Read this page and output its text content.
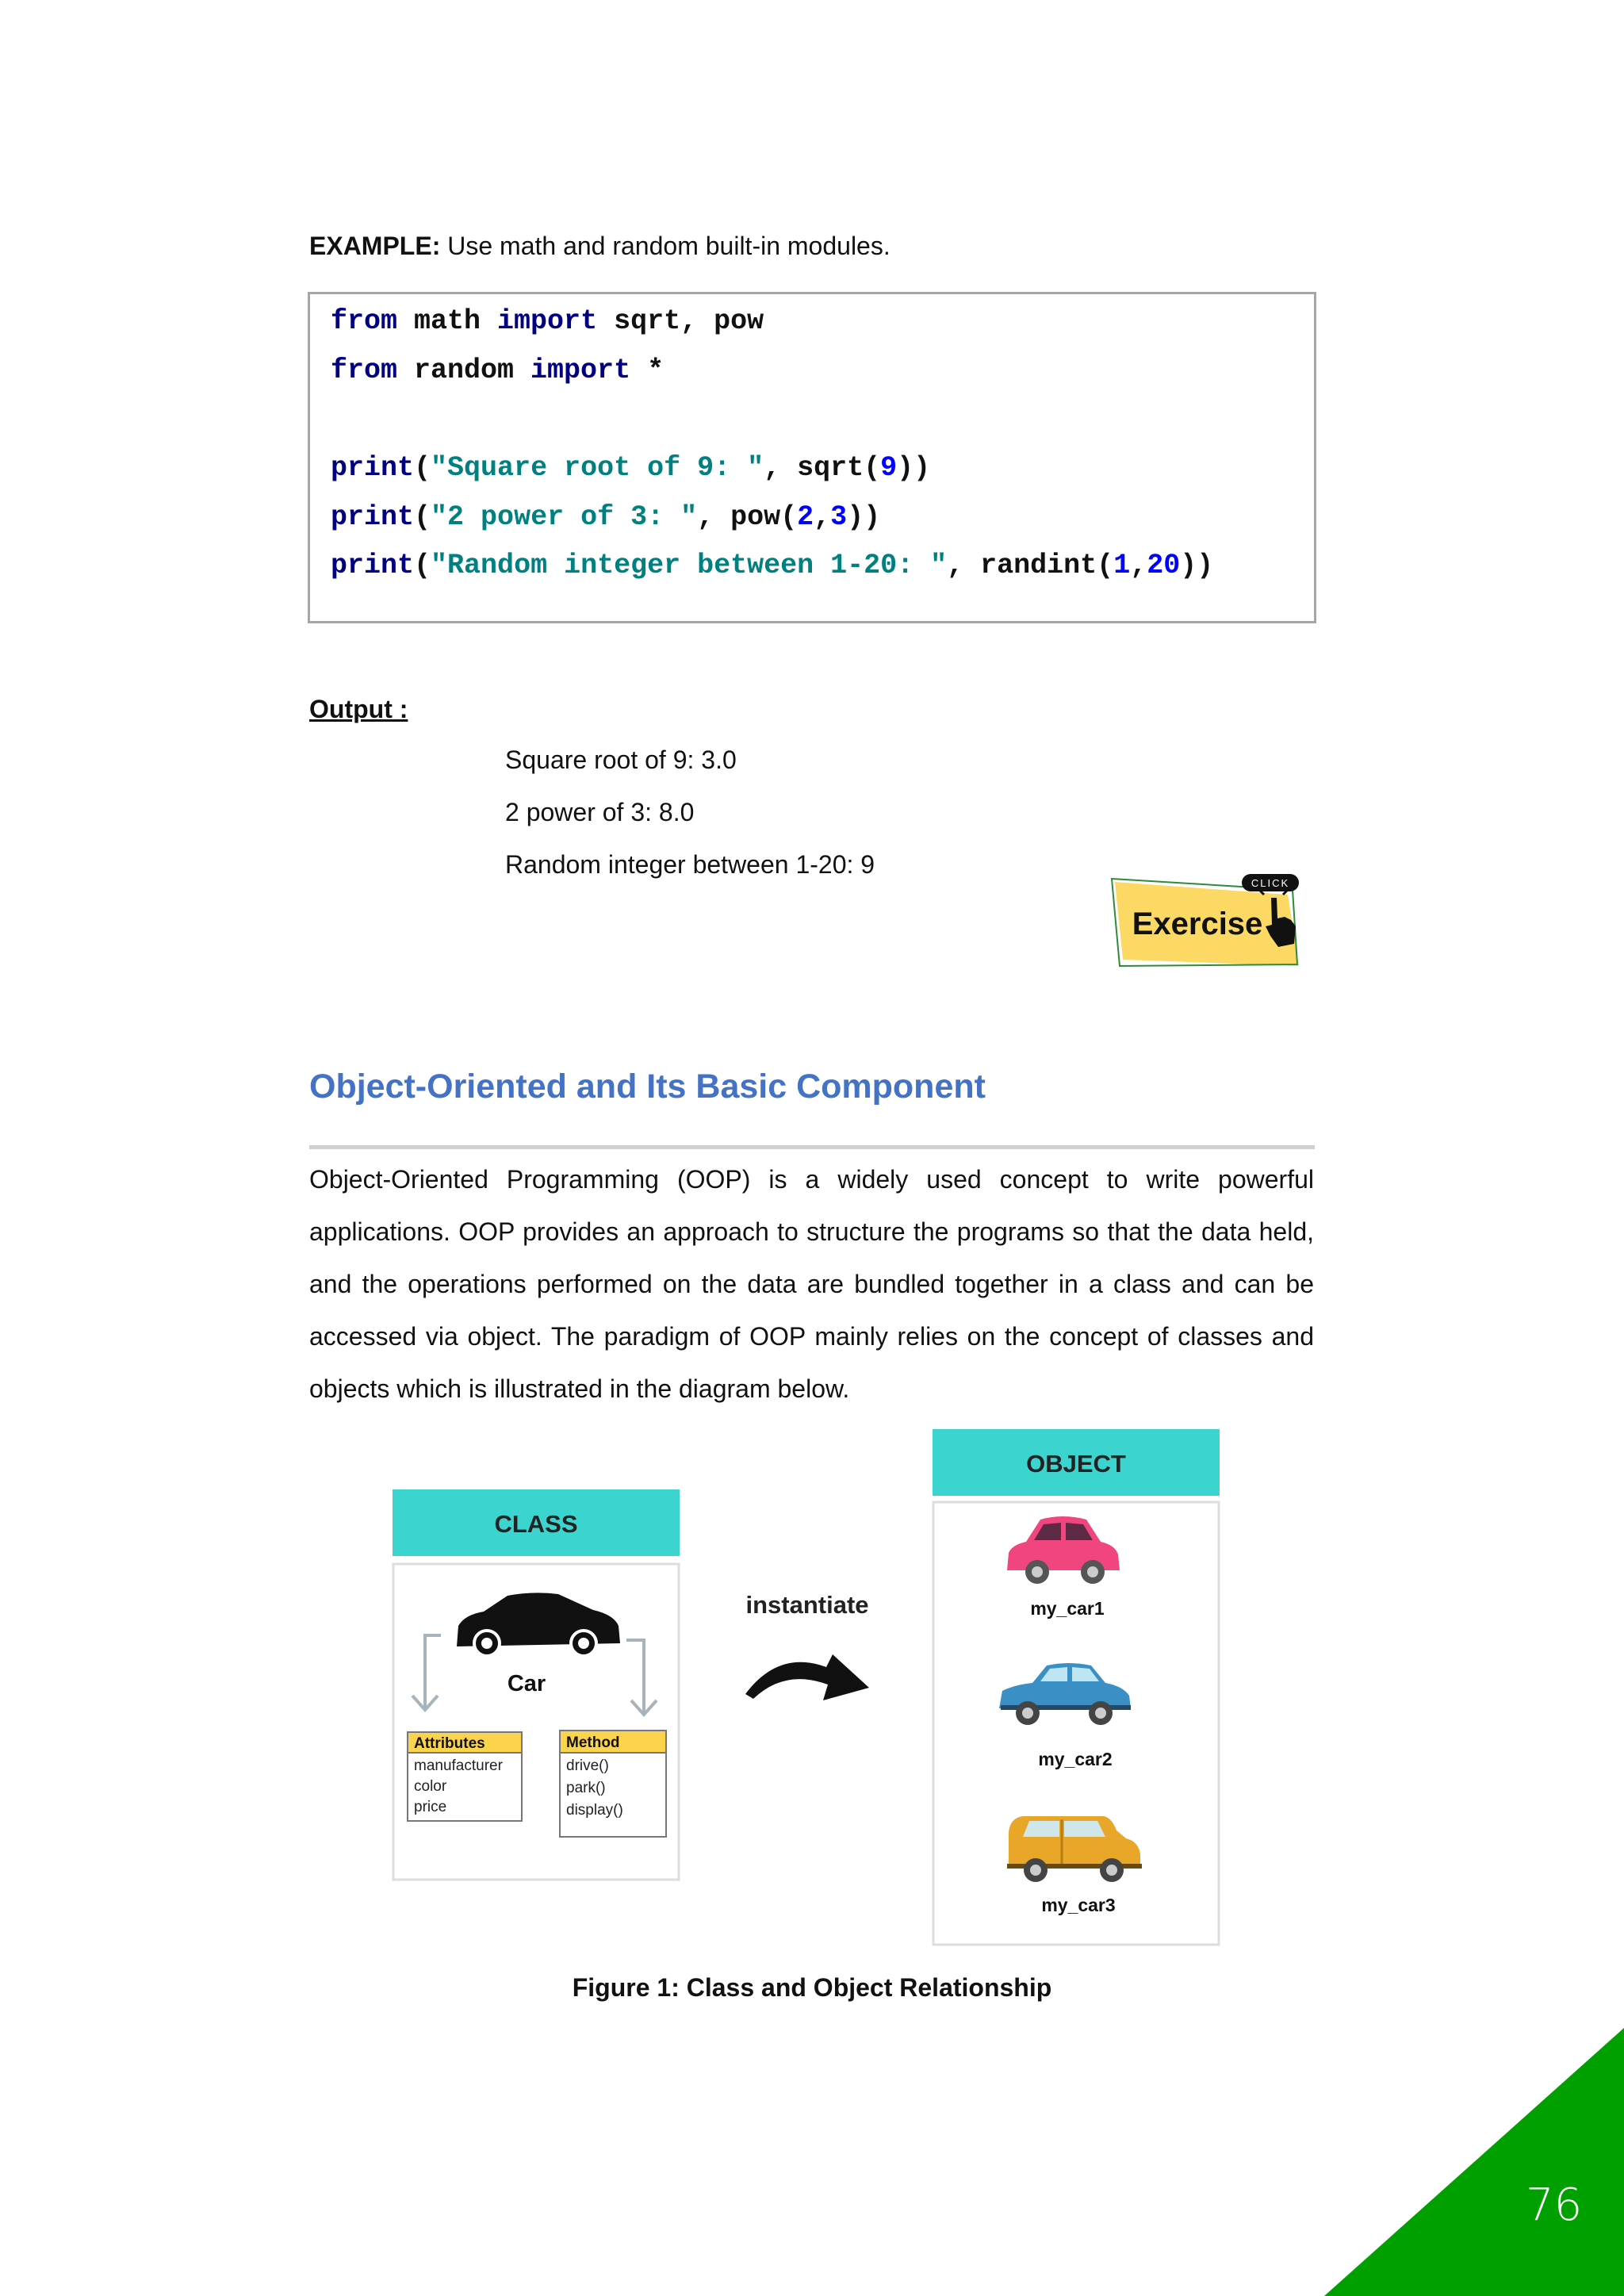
EXAMPLE: Use math and random built-in modules.
from math import sqrt, pow
from random import *
print("Square root of 9: ", sqrt(9))
print("2 power of 3: ", pow(2,3))
print("Random integer between 1-20: ", randint(1,20))
Output :
Square root of 9: 3.0
2 power of 3: 8.0
Random integer between 1-20: 9
Exercise
CLICK
Object-Oriented and Its Basic Component
Object-Oriented Programming (OOP) is a widely used concept to write powerful applications. OOP provides an approach to structure the programs so that the data held, and the operations performed on the data are bundled together in a class and can be accessed via object. The paradigm of OOP mainly relies on the concept of classes and objects which is illustrated in the diagram below.
CLASS
Car
Attributes
manufacturer
color
price
Method
drive()
park()
display()
instantiate
OBJECT
my_car1
my_car2
my_car3
Figure 1: Class and Object Relationship
76
